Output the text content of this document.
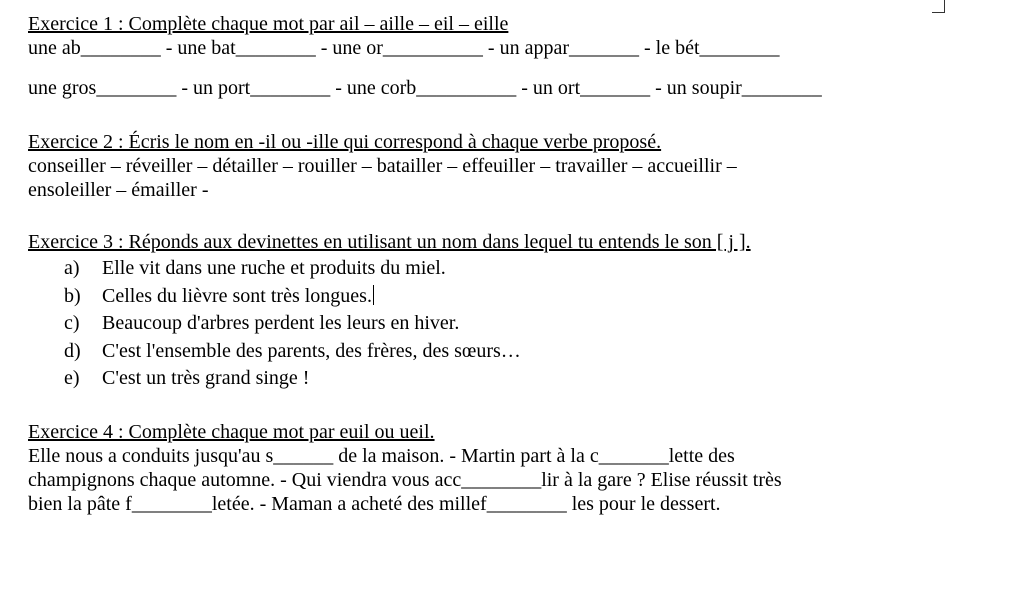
Exercice 1 : Complète chaque mot par ail – aille – eil – eille
une ab________ - une bat________ - une or__________ - un appar_______ - le bét________
une gros________ - un port________ - une corb__________ - un ort_______ - un soupir________
Exercice 2 : Écris le nom en -il ou -ille qui correspond à chaque verbe proposé.
conseiller – réveiller – détailler – rouiller – batailler – effeuiller – travailler – accueillir –
ensoleiller – émailler -
Exercice 3 : Réponds aux devinettes en utilisant un nom dans lequel tu entends le son [ j ].
a) Elle vit dans une ruche et produits du miel.
b) Celles du lièvre sont très longues.
c) Beaucoup d'arbres perdent les leurs en hiver.
d) C'est l'ensemble des parents, des frères, des sœurs…
e) C'est un très grand singe !
Exercice 4 : Complète chaque mot par euil ou ueil.
Elle nous a conduits jusqu'au s______ de la maison. - Martin part à la c_______lette des
champignons chaque automne. - Qui viendra vous acc________lir à la gare ? Elise réussit très
bien la pâte f________letée. - Maman a acheté des millef________ les pour le dessert.
